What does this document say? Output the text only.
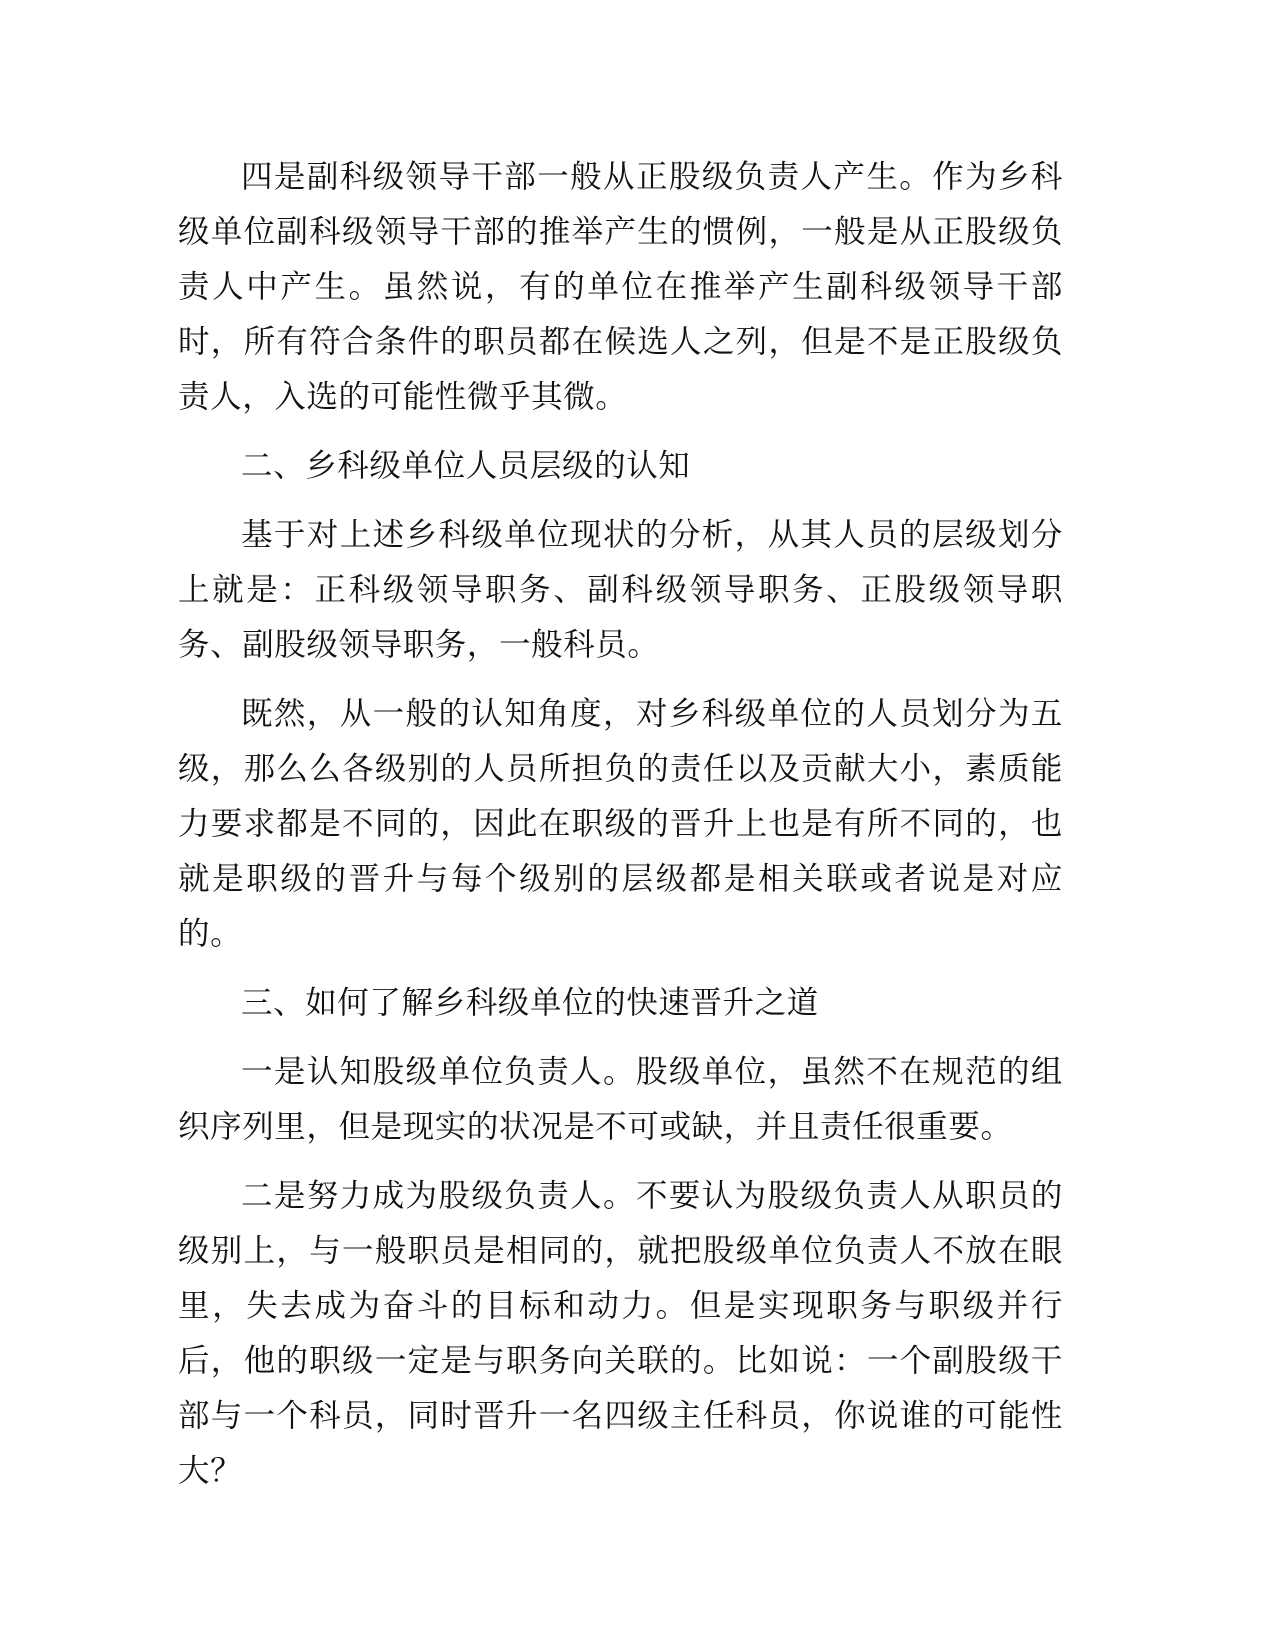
四是副科级领导干部一般从正股级负责人产生。作为乡科级单位副科级领导干部的推举产生的惯例，一般是从正股级负责人中产生。虽然说，有的单位在推举产生副科级领导干部时，所有符合条件的职员都在候选人之列，但是不是正股级负责人，入选的可能性微乎其微。

二、乡科级单位人员层级的认知

基于对上述乡科级单位现状的分析，从其人员的层级划分上就是：正科级领导职务、副科级领导职务、正股级领导职务、副股级领导职务，一般科员。

既然，从一般的认知角度，对乡科级单位的人员划分为五级，那么么各级别的人员所担负的责任以及贡献大小，素质能力要求都是不同的，因此在职级的晋升上也是有所不同的，也就是职级的晋升与每个级别的层级都是相关联或者说是对应的。

三、如何了解乡科级单位的快速晋升之道

一是认知股级单位负责人。股级单位，虽然不在规范的组织序列里，但是现实的状况是不可或缺，并且责任很重要。

二是努力成为股级负责人。不要认为股级负责人从职员的级别上，与一般职员是相同的，就把股级单位负责人不放在眼里，失去成为奋斗的目标和动力。但是实现职务与职级并行后，他的职级一定是与职务向关联的。比如说：一个副股级干部与一个科员，同时晋升一名四级主任科员，你说谁的可能性大？
